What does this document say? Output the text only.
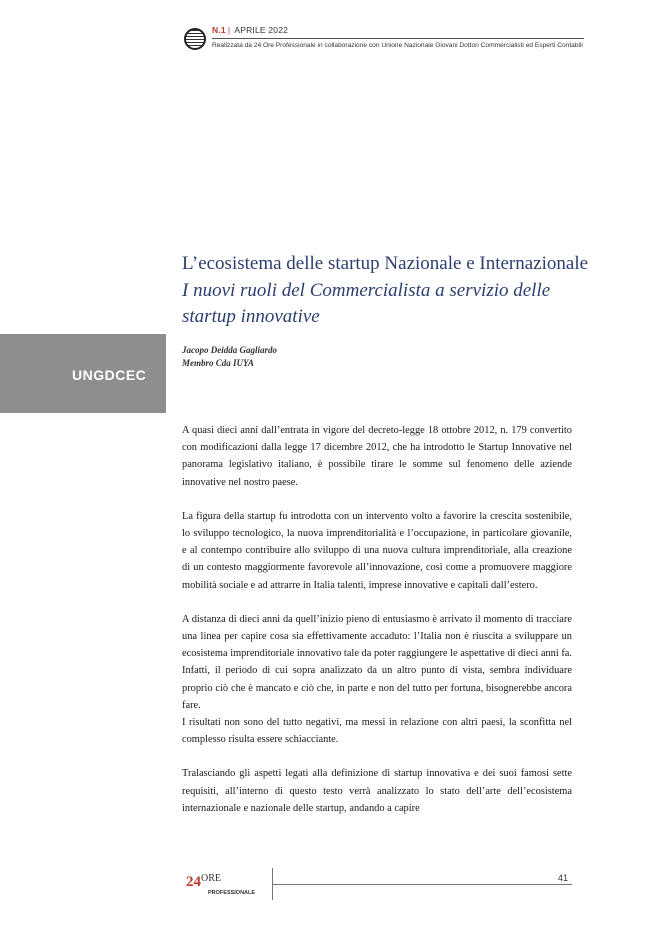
N.1 | APRILE 2022
Realizzata da 24 Ore Professionale in collaborazione con Unione Nazionale Giovani Dottori Commercialisti ed Esperti Contabili
UNGDCEC
L’ecosistema delle startup Nazionale e Internazionale
I nuovi ruoli del Commercialista a servizio delle startup innovative
Jacopo Deidda Gagliardo
Membro Cda IUYA

A quasi dieci anni dall’entrata in vigore del decreto-legge 18 ottobre 2012, n. 179 convertito con modificazioni dalla legge 17 dicembre 2012, che ha introdotto le Startup Innovative nel panorama legislativo italiano, è possibile tirare le somme sul fenomeno delle aziende innovative nel nostro paese.

La figura della startup fu introdotta con un intervento volto a favorire la crescita sostenibile, lo sviluppo tecnologico, la nuova imprenditorialità e l’occupazione, in particolare giovanile, e al contempo contribuire allo sviluppo di una nuova cultura imprenditoriale, alla creazione di un contesto maggiormente favorevole all’innovazione, così come a promuovere maggiore mobilità sociale e ad attrarre in Italia talenti, imprese innovative e capitali dall’estero.

A distanza di dieci anni da quell’inizio pieno di entusiasmo è arrivato il momento di tracciare una linea per capire cosa sia effettivamente accaduto: l’Italia non è riuscita a sviluppare un ecosistema imprenditoriale innovativo tale da poter raggiungere le aspettative di dieci anni fa. Infatti, il periodo di cui sopra analizzato da un altro punto di vista, sembra individuare proprio ciò che è mancato e ciò che, in parte e non del tutto per fortuna, bisognerebbe ancora fare.

I risultati non sono del tutto negativi, ma messi in relazione con altri paesi, la sconfitta nel complesso risulta essere schiacciante.

Tralasciando gli aspetti legati alla definizione di startup innovativa e dei suoi famosi sette requisiti, all’interno di questo testo verrà analizzato lo stato dell’arte dell’ecosistema internazionale e nazionale delle startup, andando a capire

$24^{ORE}$
PROFESSIONALE
41
